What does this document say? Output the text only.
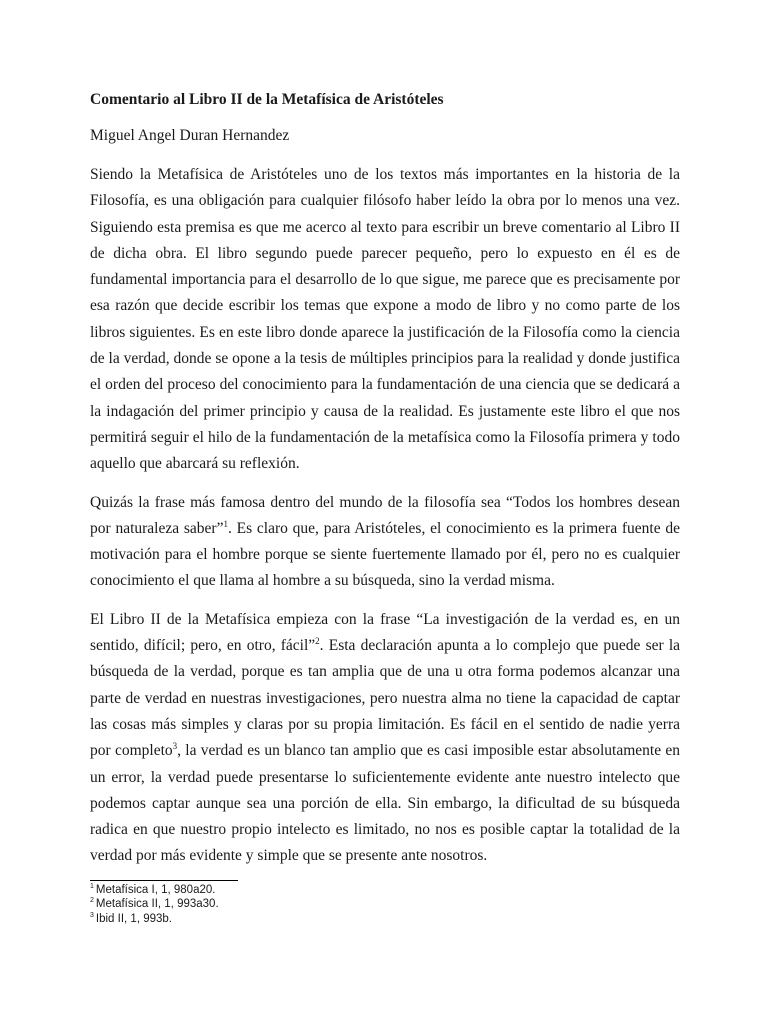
Comentario al Libro II de la Metafísica de Aristóteles
Miguel Angel Duran Hernandez

Siendo la Metafísica de Aristóteles uno de los textos más importantes en la historia de la Filosofía, es una obligación para cualquier filósofo haber leído la obra por lo menos una vez. Siguiendo esta premisa es que me acerco al texto para escribir un breve comentario al Libro II de dicha obra. El libro segundo puede parecer pequeño, pero lo expuesto en él es de fundamental importancia para el desarrollo de lo que sigue, me parece que es precisamente por esa razón que decide escribir los temas que expone a modo de libro y no como parte de los libros siguientes. Es en este libro donde aparece la justificación de la Filosofía como la ciencia de la verdad, donde se opone a la tesis de múltiples principios para la realidad y donde justifica el orden del proceso del conocimiento para la fundamentación de una ciencia que se dedicará a la indagación del primer principio y causa de la realidad. Es justamente este libro el que nos permitirá seguir el hilo de la fundamentación de la metafísica como la Filosofía primera y todo aquello que abarcará su reflexión.

Quizás la frase más famosa dentro del mundo de la filosofía sea “Todos los hombres desean por naturaleza saber”$^1$. Es claro que, para Aristóteles, el conocimiento es la primera fuente de motivación para el hombre porque se siente fuertemente llamado por él, pero no es cualquier conocimiento el que llama al hombre a su búsqueda, sino la verdad misma.

El Libro II de la Metafísica empieza con la frase “La investigación de la verdad es, en un sentido, difícil; pero, en otro, fácil”$^2$. Esta declaración apunta a lo complejo que puede ser la búsqueda de la verdad, porque es tan amplia que de una u otra forma podemos alcanzar una parte de verdad en nuestras investigaciones, pero nuestra alma no tiene la capacidad de captar las cosas más simples y claras por su propia limitación. Es fácil en el sentido de nadie yerra por completo$^3$, la verdad es un blanco tan amplio que es casi imposible estar absolutamente en un error, la verdad puede presentarse lo suficientemente evidente ante nuestro intelecto que podemos captar aunque sea una porción de ella. Sin embargo, la dificultad de su búsqueda radica en que nuestro propio intelecto es limitado, no nos es posible captar la totalidad de la verdad por más evidente y simple que se presente ante nosotros.

$^1$ Metafísica I, 1, 980a20.
$^2$ Metafísica II, 1, 993a30.
$^3$ Ibid II, 1, 993b.
